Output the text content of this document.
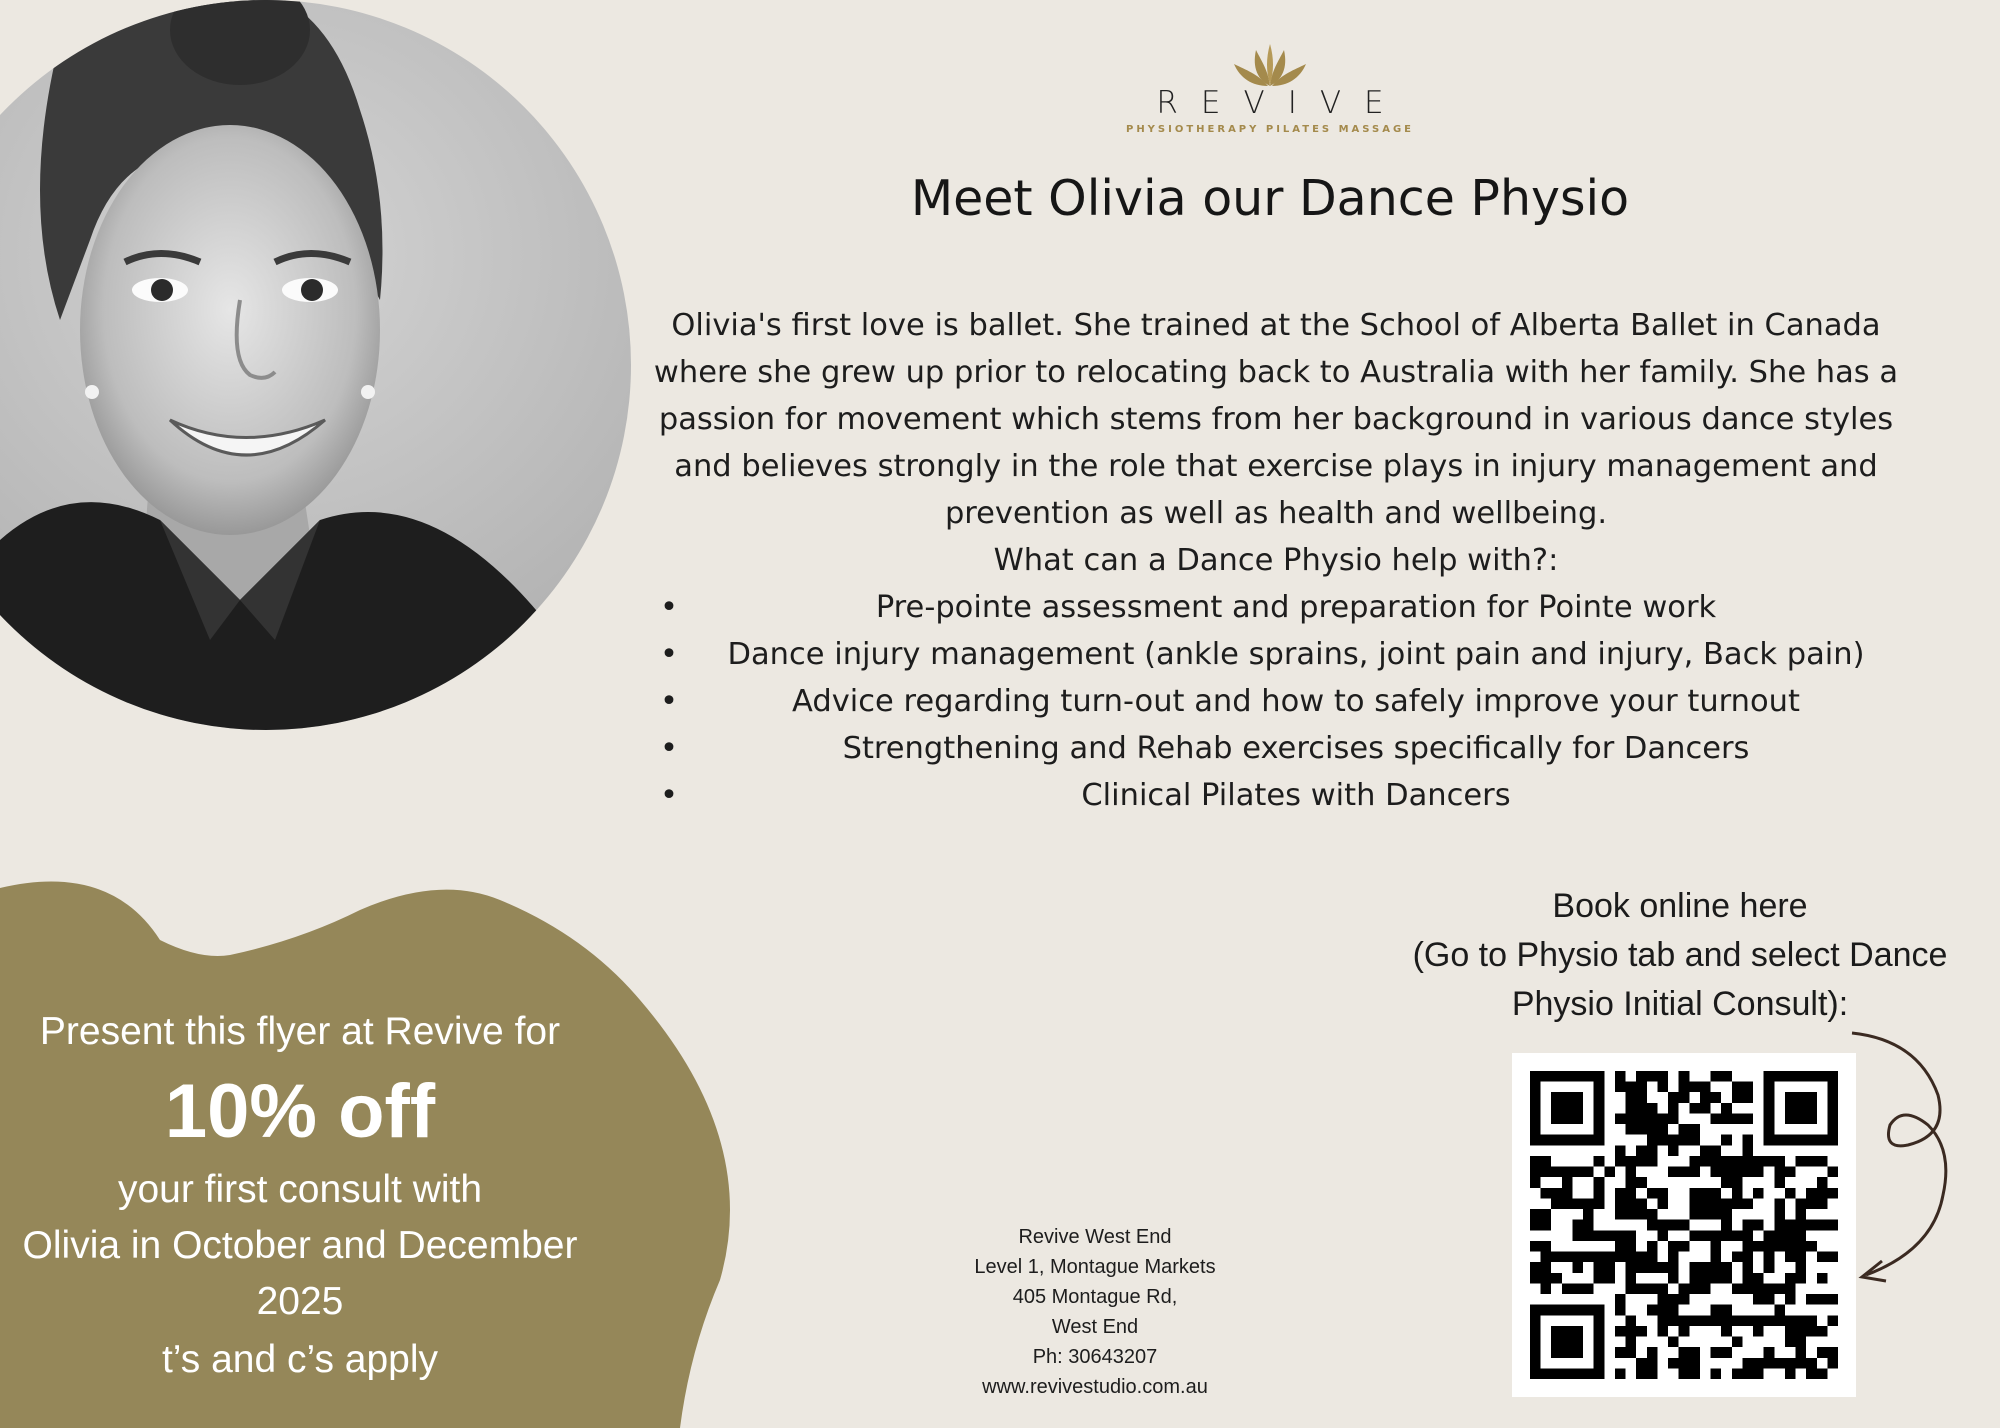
REVIVE
PHYSIOTHERAPY PILATES MASSAGE
Meet Olivia our Dance Physio
Olivia's first love is ballet. She trained at the School of Alberta Ballet in Canada
where she grew up prior to relocating back to Australia with her family. She has a
passion for movement which stems from her background in various dance styles
and believes strongly in the role that exercise plays in injury management and
prevention as well as health and wellbeing.
What can a Dance Physio help with?:
•	Pre-pointe assessment and preparation for Pointe work
• Dance injury management (ankle sprains, joint pain and injury, Back pain)
•	Advice regarding turn-out and how to safely improve your turnout
•	Strengthening and Rehab exercises specifically for Dancers
•	Clinical Pilates with Dancers
Present this flyer at Revive for
10% off
your first consult with
Olivia in October and December
2025
t’s and c’s apply
Revive West End
Level 1, Montague Markets
405 Montague Rd,
West End
Ph: 30643207
www.revivestudio.com.au
Book online here
(Go to Physio tab and select Dance
Physio Initial Consult):
